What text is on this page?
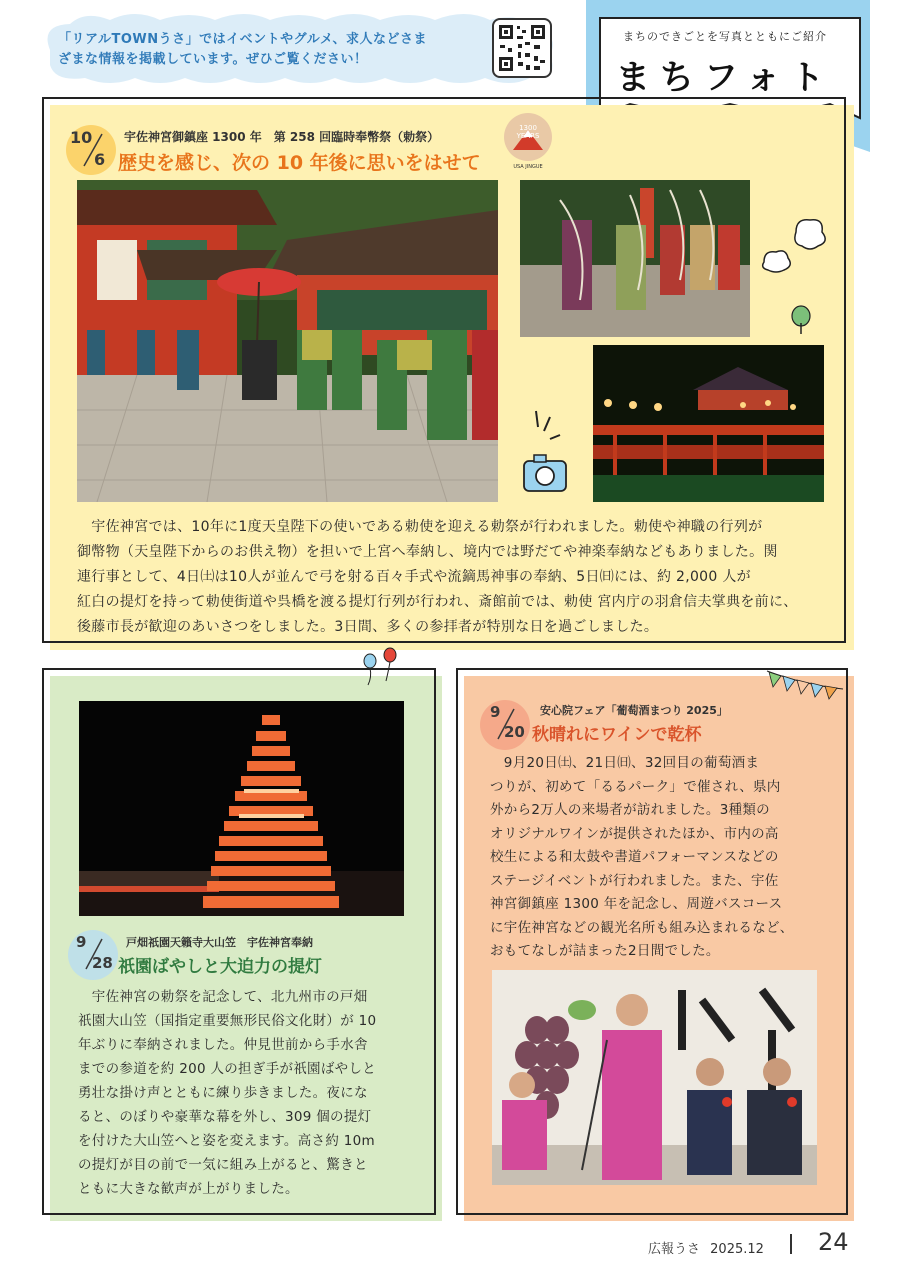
「リアルTOWNうさ」ではイベントやグルメ、求人などさま
ざまな情報を掲載しています。ぜひご覧ください！
まちのできごとを写真とともにご紹介
まちフォト
10
6
宇佐神宮御鎮座 1300 年　第 258 回臨時奉幣祭（勅祭）
歴史を感じ、次の 10 年後に思いをはせて
1300 YEARS
USA JINGUE
　宇佐神宮では、10年に1度天皇陛下の使いである勅使を迎える勅祭が行われました。勅使や神職の行列が
御幣物（天皇陛下からのお供え物）を担いで上宮へ奉納し、境内では野だてや神楽奉納などもありました。関
連行事として、4日㈯は10人が並んで弓を射る百々手式や流鏑馬神事の奉納、5日㈰には、約 2,000 人が
紅白の提灯を持って勅使街道や呉橋を渡る提灯行列が行われ、斎館前では、勅使 宮内庁の羽倉信夫掌典を前に、
後藤市長が歓迎のあいさつをしました。3日間、多くの参拝者が特別な日を過ごしました。
9
28
戸畑祇園天籟寺大山笠　宇佐神宮奉納
祇園ばやしと大迫力の提灯
　宇佐神宮の勅祭を記念して、北九州市の戸畑
祇園大山笠（国指定重要無形民俗文化財）が 10
年ぶりに奉納されました。仲見世前から手水舎
までの参道を約 200 人の担ぎ手が祇園ばやしと
勇壮な掛け声とともに練り歩きました。夜にな
ると、のぼりや豪華な幕を外し、309 個の提灯
を付けた大山笠へと姿を変えます。高さ約 10m
の提灯が目の前で一気に組み上がると、驚きと
ともに大きな歓声が上がりました。
9
20
安心院フェア「葡萄酒まつり 2025」
秋晴れにワインで乾杯
　9月20日㈯、21日㈰、32回目の葡萄酒ま
つりが、初めて「るるパーク」で催され、県内
外から2万人の来場者が訪れました。3種類の
オリジナルワインが提供されたほか、市内の高
校生による和太鼓や書道パフォーマンスなどの
ステージイベントが行われました。また、宇佐
神宮御鎮座 1300 年を記念し、周遊バスコース
に宇佐神宮などの観光名所も組み込まれるなど、
おもてなしが詰まった2日間でした。
広報うさ 2025.12 24
